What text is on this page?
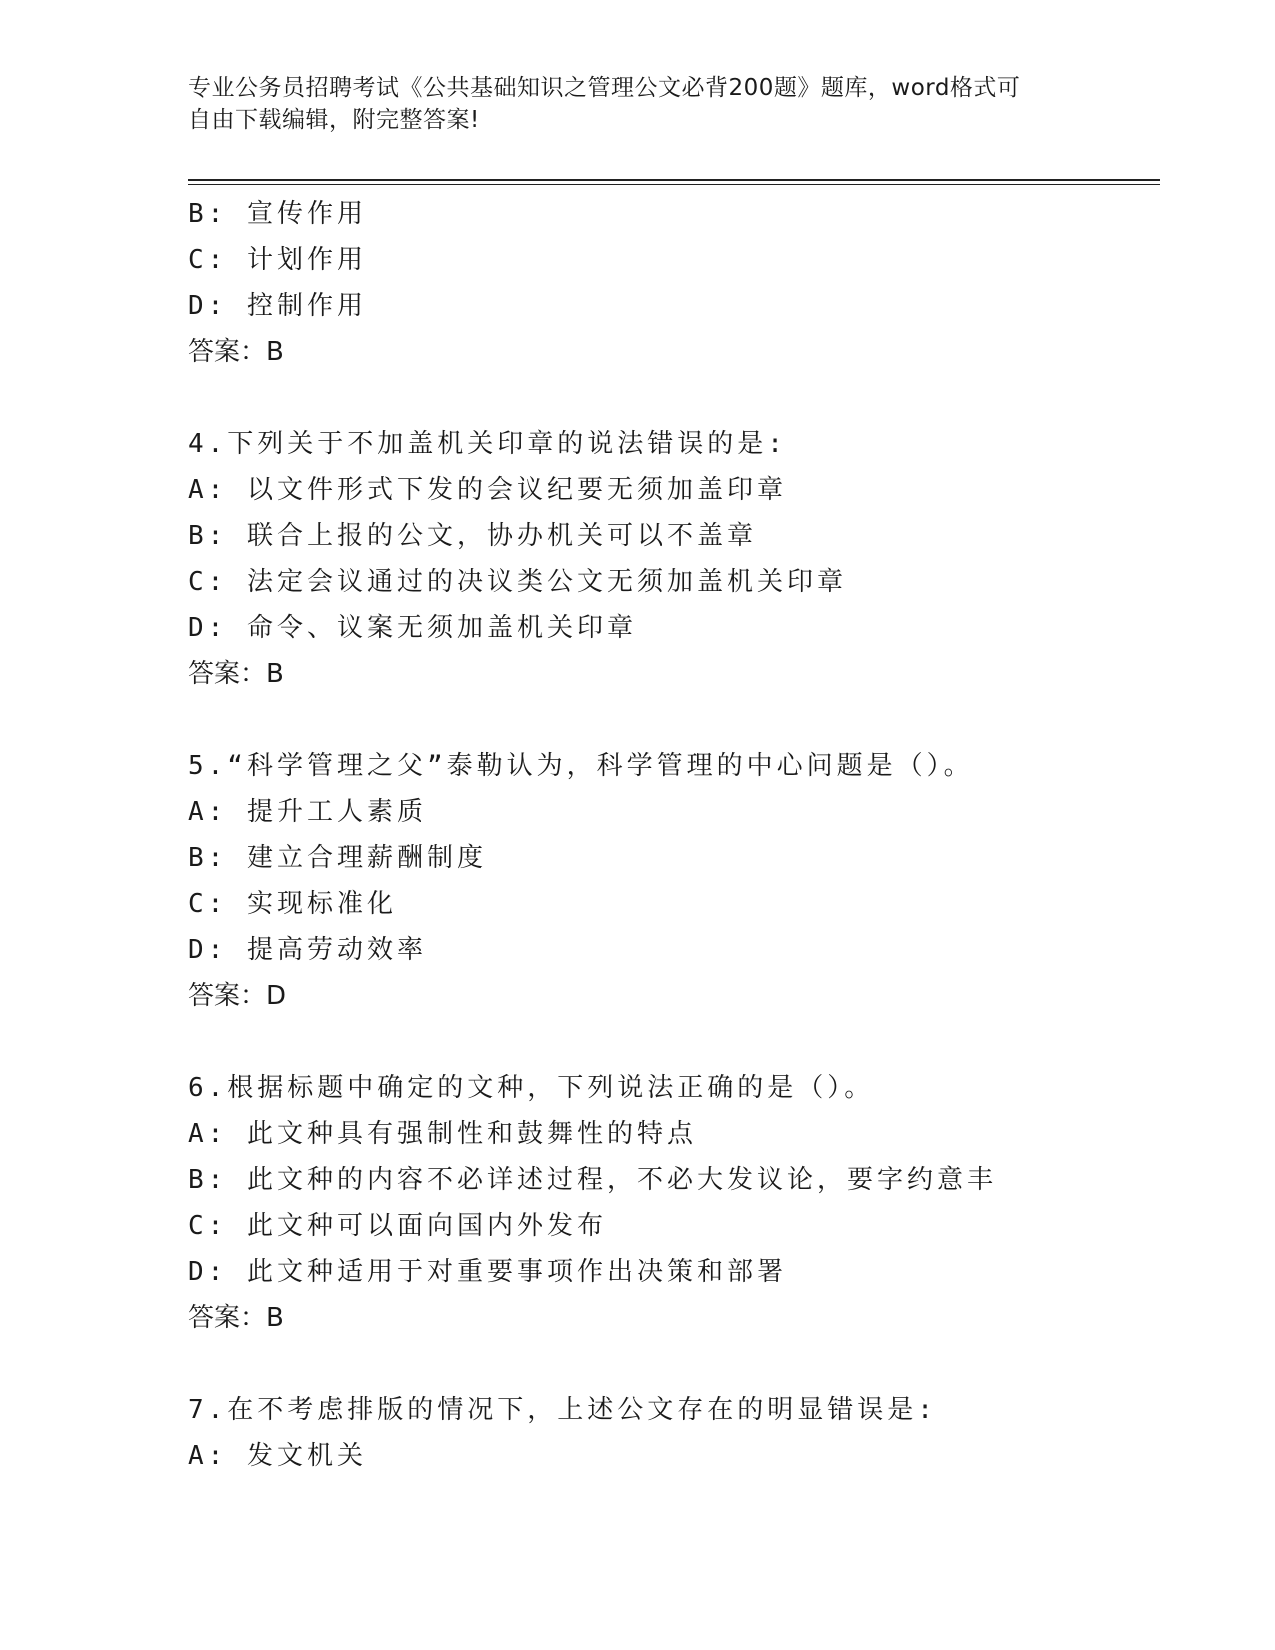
专业公务员招聘考试《公共基础知识之管理公文必背200题》题库，word格式可
自由下载编辑，附完整答案!
B: 宣传作用
C: 计划作用
D: 控制作用
答案：B
4.下列关于不加盖机关印章的说法错误的是:
A: 以文件形式下发的会议纪要无须加盖印章
B: 联合上报的公文，协办机关可以不盖章
C: 法定会议通过的决议类公文无须加盖机关印章
D: 命令、议案无须加盖机关印章
答案：B
5.“科学管理之父”泰勒认为，科学管理的中心问题是（）。
A: 提升工人素质
B: 建立合理薪酬制度
C: 实现标准化
D: 提高劳动效率
答案：D
6.根据标题中确定的文种，下列说法正确的是（）。
A: 此文种具有强制性和鼓舞性的特点
B: 此文种的内容不必详述过程，不必大发议论，要字约意丰
C: 此文种可以面向国内外发布
D: 此文种适用于对重要事项作出决策和部署
答案：B
7.在不考虑排版的情况下，上述公文存在的明显错误是:
A: 发文机关
